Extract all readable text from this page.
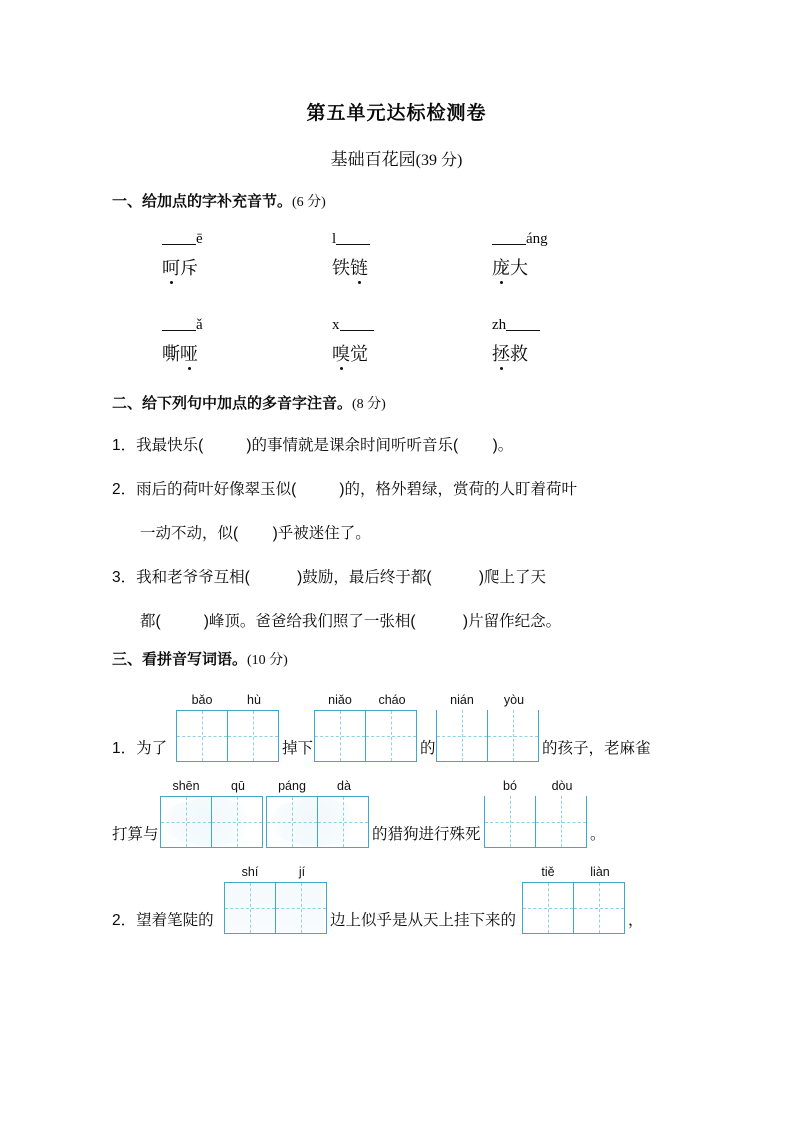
第五单元达标检测卷
基础百花园(39 分)
一、给加点的字补充音节。(6 分)
ē
呵斥
l
铁链
áng
庞大
ǎ
嘶哑
x
嗅觉
zh
拯救
二、给下列句中加点的多音字注音。(8 分)
1．我最快乐(          )的事情就是课余时间听听音乐(        )。
2．雨后的荷叶好像翠玉似(          )的，格外碧绿，赏荷的人盯着荷叶
一动不动，似(        )乎被迷住了。
3．我和老爷爷互相(           )鼓励，最后终于都(           )爬上了天
都(          )峰顶。爸爸给我们照了一张相(           )片留作纪念。
三、看拼音写词语。(10 分)
1．为了
bǎo	hù
掉下
niǎo	cháo
的
nián	yòu
的孩子，老麻雀
打算与
shēn	qū	páng	dà
的猎狗进行殊死
bó	dòu
。
2．望着笔陡的
shí	jí
边上似乎是从天上挂下来的
tiě	liàn
，
